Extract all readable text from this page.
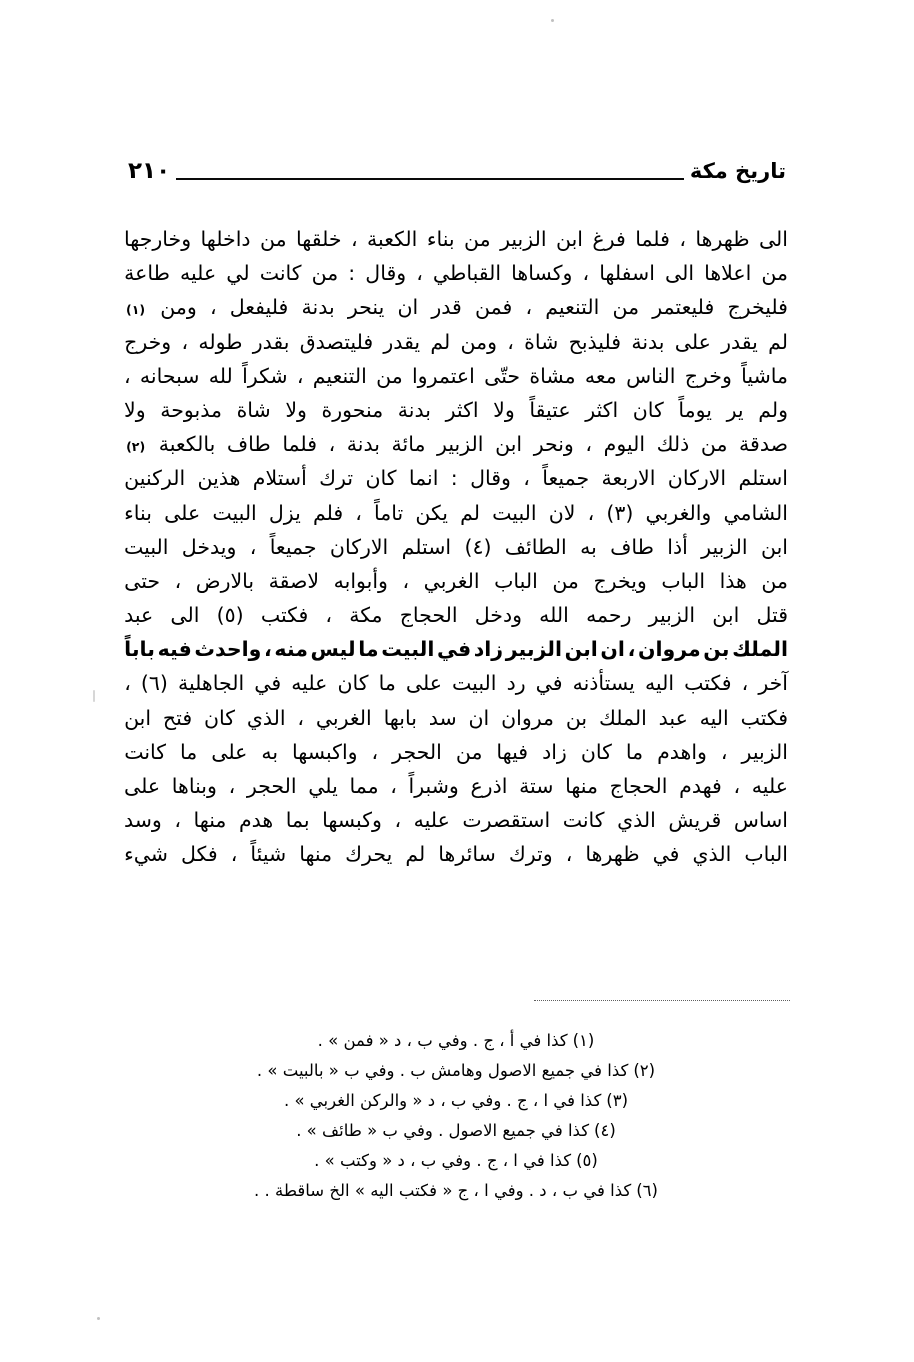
تاريخ مكة
٢١٠
الى
ظهرها
،
فلما
فرغ
ابن
الزبير
من
بناء
الكعبة
،
خلقها
من
داخلها
وخارجها
من
اعلاها
الى
اسفلها
،
وكساها
القباطي
،
وقال
:
من
كانت
لي
عليه
طاعة
فليخرج
فليعتمر
من
التنعيم
،
فمن
قدر
ان
ينحر
بدنة
فليفعل
،
ومن
(١)
لم
يقدر
على
بدنة
فليذبح
شاة
،
ومن
لم
يقدر
فليتصدق
بقدر
طوله
،
وخرج
ماشياً
وخرج
الناس
معه
مشاة
حتّى
اعتمروا
من
التنعيم
،
شكراً
لله
سبحانه
،
ولم
ير
يوماً
كان
اكثر
عتيقاً
ولا
اكثر
بدنة
منحورة
ولا
شاة
مذبوحة
ولا
صدقة
من
ذلك
اليوم
،
ونحر
ابن
الزبير
مائة
بدنة
،
فلما
طاف
بالكعبة
(٢)
استلم
الاركان
الاربعة
جميعاً
،
وقال
:
انما
كان
ترك
أستلام
هذين
الركنين
الشامي
والغربي
(٣)
،
لان
البيت
لم
يكن
تاماً
،
فلم
يزل
البيت
على
بناء
ابن
الزبير
أذا
طاف
به
الطائف
(٤)
استلم
الاركان
جميعاً
،
ويدخل
البيت
من
هذا
الباب
ويخرج
من
الباب
الغربي
،
وأبوابه
لاصقة
بالارض
،
حتى
قتل
ابن
الزبير
رحمه
الله
ودخل
الحجاج
مكة
،
فكتب
(٥)
الى
عبد
الملك
بن
مروان
،
ان
ابن
الزبير
زاد
في
البيت
ما
ليس
منه
،
واحدث
فيه
باباً
آخر
،
فكتب
اليه
يستأذنه
في
رد
البيت
على
ما
كان
عليه
في
الجاهلية
(٦)
،
فكتب
اليه
عبد
الملك
بن
مروان
ان
سد
بابها
الغربي
،
الذي
كان
فتح
ابن
الزبير
،
واهدم
ما
كان
زاد
فيها
من
الحجر
،
واكبسها
به
على
ما
كانت
عليه
،
فهدم
الحجاج
منها
ستة
اذرع
وشبراً
،
مما
يلي
الحجر
،
وبناها
على
اساس
قريش
الذي
كانت
استقصرت
عليه
،
وكبسها
بما
هدم
منها
،
وسد
الباب
الذي
في
ظهرها
،
وترك
سائرها
لم
يحرك
منها
شيئاً
،
فكل
شيء
(١)كذا في أ ، ج . وفي ب ، د « فمن » .
(٢)كذا في جميع الاصول وهامش ب . وفي ب « بالبيت » .
(٣)كذا في ا ، ج . وفي ب ، د « والركن الغربي » .
(٤)كذا في جميع الاصول . وفي ب « طائف » .
(٥)كذا في ا ، ج . وفي ب ، د « وكتب » .
(٦)كذا في ب ، د . وفي ا ، ج « فكتب اليه » الخ ساقطة . .
